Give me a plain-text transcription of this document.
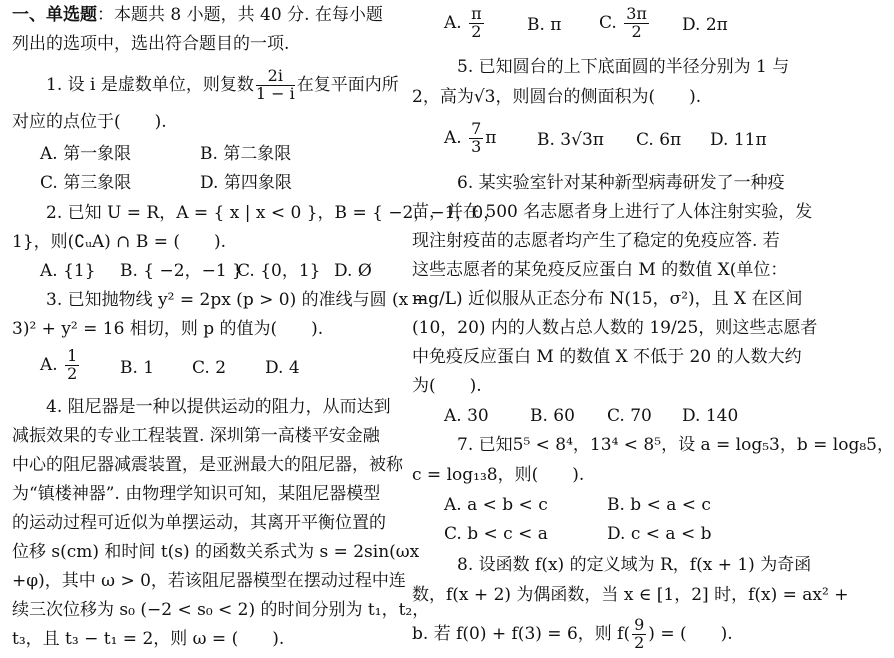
一、单选题：本题共 8 小题，共 40 分. 在每小题
列出的选项中，选出符合题目的一项.
1. 设 i 是虚数单位，则复数 $\frac{2i}{1 - i}$ 在复平面内所
对应的点位于(　　).
A. 第一象限	B. 第二象限
C. 第三象限	D. 第四象限
2. 已知 U = R，A = { x | x < 0 }，B = { −2，−1，0，
1}，则(∁ᵤA) ∩ B = (　　).
A. {1} B. { −2，−1 }
C. {0，1} D. Ø
3. 已知抛物线 y² = 2px (p > 0) 的准线与圆 (x −
3)² + y² = 16 相切，则 p 的值为(　　).
A. $\frac{1}{2} B$. 1 C. 2 D. 4
4. 阻尼器是一种以提供运动的阻力，从而达到
减振效果的专业工程装置. 深圳第一高楼平安金融
中心的阻尼器减震装置，是亚洲最大的阻尼器，被称
为“镇楼神器”. 由物理学知识可知，某阻尼器模型
的运动过程可近似为单摆运动，其离开平衡位置的
位移 s(cm) 和时间 t(s) 的函数关系式为 s = 2sin(ωx
+φ)，其中 ω > 0，若该阻尼器模型在摆动过程中连
续三次位移为 s₀ (−2 < s₀ < 2) 的时间分别为 t₁，t₂，
t₃，且 t₃ − t₁ = 2，则 ω = (　　).
A. $\frac{\pi}{2}$	B. π C. $\frac{3\pi}{2} D$. 2π
5. 已知圆台的上下底面圆的半径分别为 1 与
2，高为√3，则圆台的侧面积为(　　).
A. $\frac{7}{3}$ π B. 3√3π C. 6π D. 11π
6. 某实验室针对某种新型病毒研发了一种疫
苗，并在 500 名志愿者身上进行了人体注射实验，发
现注射疫苗的志愿者均产生了稳定的免疫应答. 若
这些志愿者的某免疫反应蛋白 M 的数值 X(单位：
mg/L) 近似服从正态分布 N(15，σ²)，且 X 在区间
(10，20) 内的人数占总人数的 19/25，则这些志愿者
中免疫反应蛋白 M 的数值 X 不低于 20 的人数大约
为(　　).
A. 30 B. 60 C. 70 D. 140
7. 已知5⁵ < 8⁴，13⁴ < 8⁵，设 a = log₅3，b = log₈5，
c = log₁₃8，则(　　).
A. a < b < c	B. b < a < c
C. b < c < a	D. c < a < b
8. 设函数 f(x) 的定义域为 R，f(x + 1) 为奇函
数，f(x + 2) 为偶函数，当 x ∈ [1，2] 时，f(x) = ax² +
b. 若 f(0) + f(3) = 6，则 $f( \frac{9}{2}$ ) = (　　).
